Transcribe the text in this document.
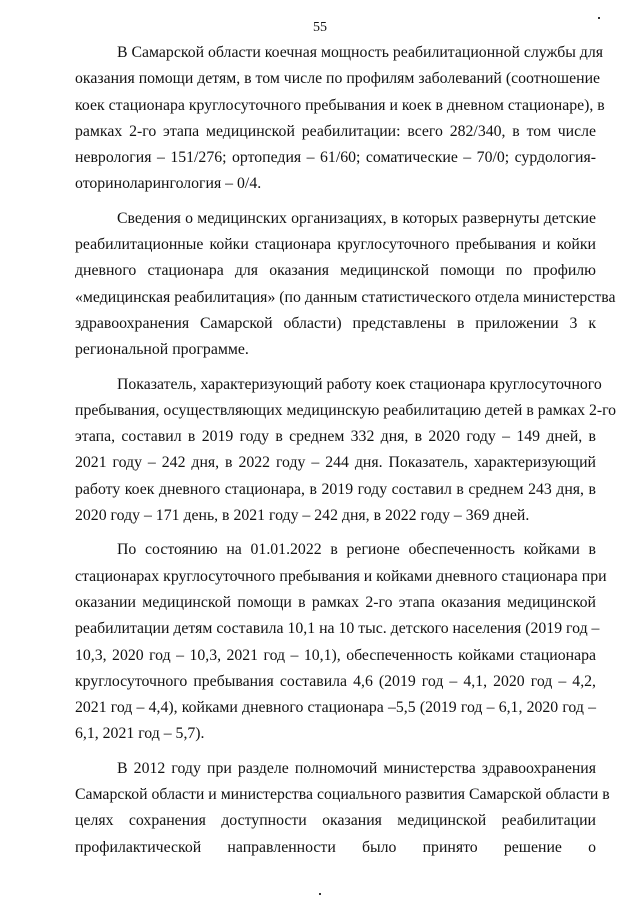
55

В Самарской области коечная мощность реабилитационной службы для
оказания помощи детям, в том числе по профилям заболеваний (соотношение
коек стационара круглосуточного пребывания и коек в дневном стационаре), в
рамках 2-го этапа медицинской реабилитации: всего 282/340, в том числе
неврология – 151/276; ортопедия – 61/60; соматические – 70/0; сурдология-
оториноларингология – 0/4.

Сведения о медицинских организациях, в которых развернуты детские
реабилитационные койки стационара круглосуточного пребывания и койки
дневного стационара для оказания медицинской помощи по профилю
«медицинская реабилитация» (по данным статистического отдела министерства
здравоохранения Самарской области) представлены в приложении 3 к
региональной программе.

Показатель, характеризующий работу коек стационара круглосуточного
пребывания, осуществляющих медицинскую реабилитацию детей в рамках 2-го
этапа, составил в 2019 году в среднем 332 дня, в 2020 году – 149 дней, в
2021 году – 242 дня, в 2022 году – 244 дня. Показатель, характеризующий
работу коек дневного стационара, в 2019 году составил в среднем 243 дня, в
2020 году – 171 день, в 2021 году – 242 дня, в 2022 году – 369 дней.

По состоянию на 01.01.2022 в регионе обеспеченность койками в
стационарах круглосуточного пребывания и койками дневного стационара при
оказании медицинской помощи в рамках 2-го этапа оказания медицинской
реабилитации детям составила 10,1 на 10 тыс. детского населения (2019 год –
10,3, 2020 год – 10,3, 2021 год – 10,1), обеспеченность койками стационара
круглосуточного пребывания составила 4,6 (2019 год – 4,1, 2020 год – 4,2,
2021 год – 4,4), койками дневного стационара –5,5 (2019 год – 6,1, 2020 год –
6,1, 2021 год – 5,7).

В 2012 году при разделе полномочий министерства здравоохранения
Самарской области и министерства социального развития Самарской области в
целях сохранения доступности оказания медицинской реабилитации
профилактической направленности было принято решение о
